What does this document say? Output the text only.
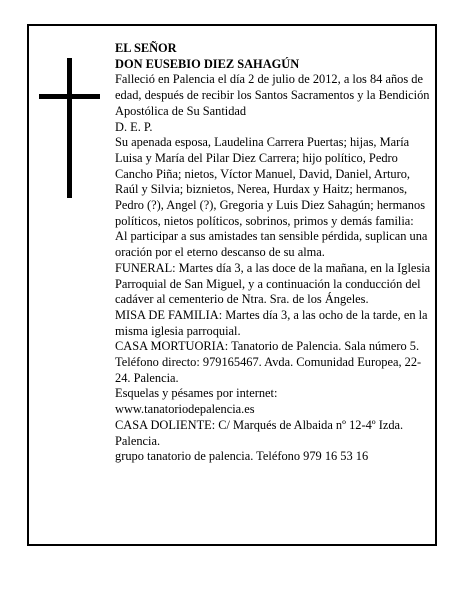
EL SEÑOR

DON EUSEBIO DIEZ SAHAGÚN

Falleció en Palencia el día 2 de julio de 2012, a los 84 años de edad, después de recibir los Santos Sacramentos y la Bendición Apostólica de Su Santidad

D. E. P.

Su apenada esposa, Laudelina Carrera Puertas; hijas, María Luisa y María del Pilar Diez Carrera; hijo político, Pedro Cancho Piña; nietos, Víctor Manuel, David, Daniel, Arturo, Raúl y Silvia; biznietos, Nerea, Hurdax y Haitz; hermanos, Pedro (?), Angel (?), Gregoria y Luis Diez Sahagún; hermanos políticos, nietos políticos, sobrinos, primos y demás familia:

Al participar a sus amistades tan sensible pérdida, suplican una oración por el eterno descanso de su alma.

FUNERAL: Martes día 3, a las doce de la mañana, en la Iglesia Parroquial de San Miguel, y a continuación la conducción del cadáver al cementerio de Ntra. Sra. de los Ángeles.

MISA DE FAMILIA: Martes día 3, a las ocho de la tarde, en la misma iglesia parroquial.

CASA MORTUORIA: Tanatorio de Palencia. Sala número 5. Teléfono directo: 979165467. Avda. Comunidad Europea, 22-24. Palencia.

Esquelas y pésames por internet:

www.tanatoriodepalencia.es

CASA DOLIENTE: C/ Marqués de Albaida nº 12-4º Izda. Palencia.

grupo tanatorio de palencia. Teléfono 979 16 53 16
